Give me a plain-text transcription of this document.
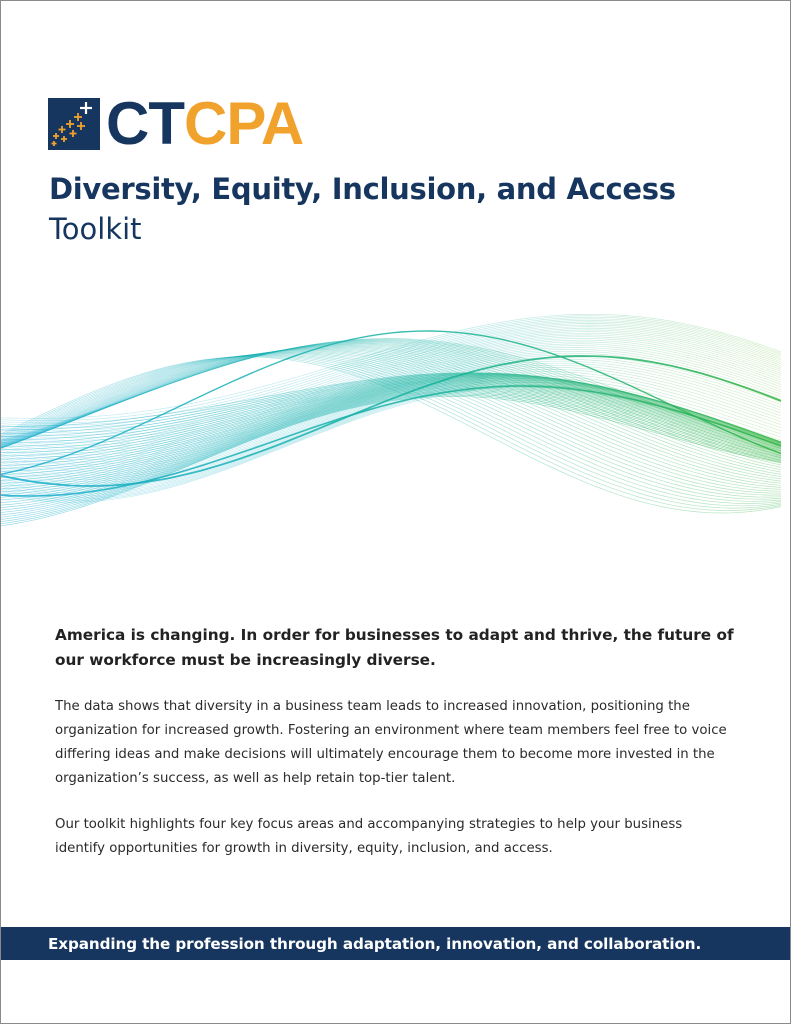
CTCPA
Diversity, Equity, Inclusion, and Access
Toolkit

America is changing. In order for businesses to adapt and thrive, the future of our workforce must be increasingly diverse.

The data shows that diversity in a business team leads to increased innovation, positioning the organization for increased growth. Fostering an environment where team members feel free to voice differing ideas and make decisions will ultimately encourage them to become more invested in the organization’s success, as well as help retain top-tier talent.

Our toolkit highlights four key focus areas and accompanying strategies to help your business identify opportunities for growth in diversity, equity, inclusion, and access.

Expanding the profession through adaptation, innovation, and collaboration.
